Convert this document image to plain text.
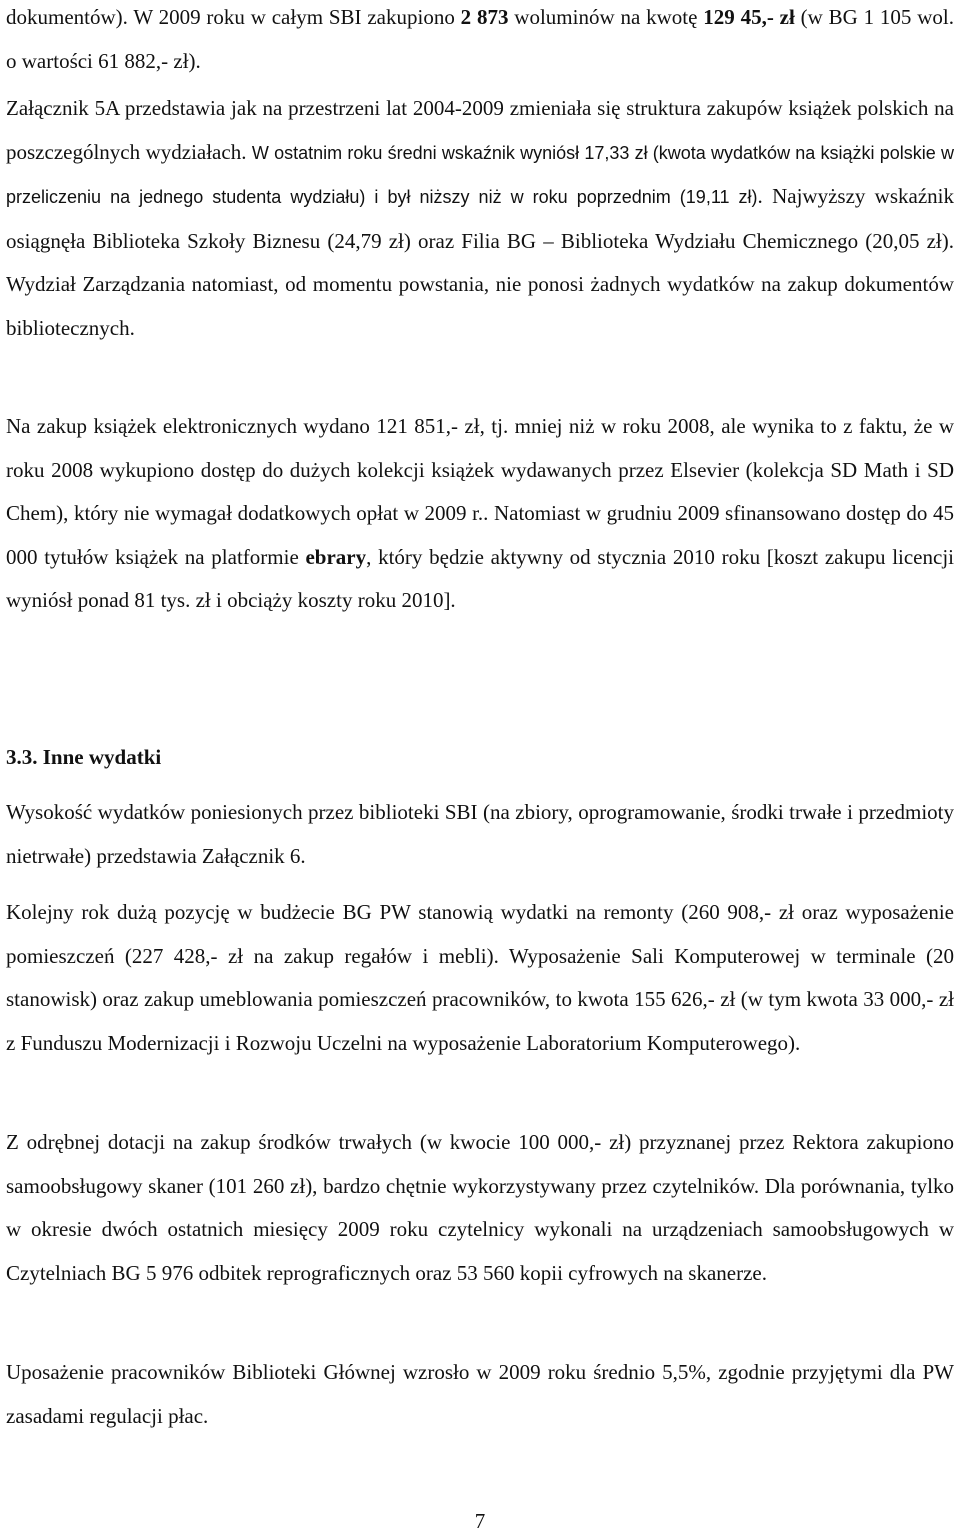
dokumentów). W 2009 roku w całym SBI zakupiono 2 873 woluminów na kwotę 129 45,- zł (w BG 1 105 wol. o wartości 61 882,- zł).

Załącznik 5A przedstawia jak na przestrzeni lat 2004-2009 zmieniała się struktura zakupów książek polskich na poszczególnych wydziałach. W ostatnim roku średni wskaźnik wyniósł 17,33 zł (kwota wydatków na książki polskie w przeliczeniu na jednego studenta wydziału) i był niższy niż w roku poprzednim (19,11 zł). Najwyższy wskaźnik osiągnęła Biblioteka Szkoły Biznesu (24,79 zł) oraz Filia BG – Biblioteka Wydziału Chemicznego (20,05 zł). Wydział Zarządzania natomiast, od momentu powstania, nie ponosi żadnych wydatków na zakup dokumentów bibliotecznych.

Na zakup książek elektronicznych wydano 121 851,- zł, tj. mniej niż w roku 2008, ale wynika to z faktu, że w roku 2008 wykupiono dostęp do dużych kolekcji książek wydawanych przez Elsevier (kolekcja SD Math i SD Chem), który nie wymagał dodatkowych opłat w 2009 r.. Natomiast w grudniu 2009 sfinansowano dostęp do 45 000 tytułów książek na platformie ebrary, który będzie aktywny od stycznia 2010 roku [koszt zakupu licencji wyniósł ponad 81 tys. zł i obciąży koszty roku 2010].

3.3. Inne wydatki

Wysokość wydatków poniesionych przez biblioteki SBI (na zbiory, oprogramowanie, środki trwałe i przedmioty nietrwałe) przedstawia Załącznik 6.

Kolejny rok dużą pozycję w budżecie BG PW stanowią wydatki na remonty (260 908,- zł oraz wyposażenie pomieszczeń (227 428,- zł na zakup regałów i mebli). Wyposażenie Sali Komputerowej w terminale (20 stanowisk) oraz zakup umeblowania pomieszczeń pracowników, to kwota 155 626,- zł (w tym kwota 33 000,- zł z Funduszu Modernizacji i Rozwoju Uczelni na wyposażenie Laboratorium Komputerowego).

Z odrębnej dotacji na zakup środków trwałych (w kwocie 100 000,- zł) przyznanej przez Rektora zakupiono samoobsługowy skaner (101 260 zł), bardzo chętnie wykorzystywany przez czytelników. Dla porównania, tylko w okresie dwóch ostatnich miesięcy 2009 roku czytelnicy wykonali na urządzeniach samoobsługowych w Czytelniach BG 5 976 odbitek reprograficznych oraz 53 560 kopii cyfrowych na skanerze.

Uposażenie pracowników Biblioteki Głównej wzrosło w 2009 roku średnio 5,5%, zgodnie przyjętymi dla PW zasadami regulacji płac.

7
